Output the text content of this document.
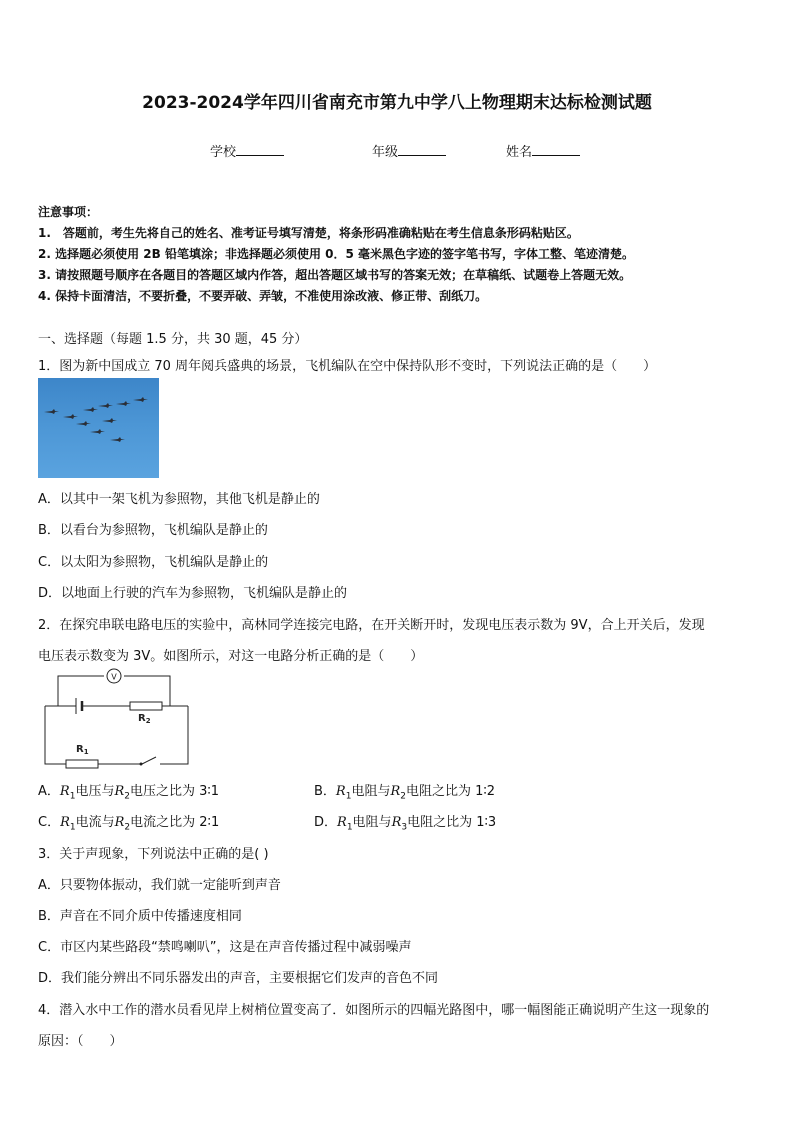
2023-2024学年四川省南充市第九中学八上物理期末达标检测试题
学校	年级	姓名
注意事项：
1.　答题前，考生先将自己的姓名、准考证号填写清楚，将条形码准确粘贴在考生信息条形码粘贴区。
2. 选择题必须使用 2B 铅笔填涂；非选择题必须使用 0．5 毫米黑色字迹的签字笔书写，字体工整、笔迹清楚。
3. 请按照题号顺序在各题目的答题区域内作答，超出答题区域书写的答案无效；在草稿纸、试题卷上答题无效。
4. 保持卡面清洁，不要折叠，不要弄破、弄皱，不准使用涂改液、修正带、刮纸刀。
一、选择题（每题 1.5 分，共 30 题，45 分）
1．图为新中国成立 70 周年阅兵盛典的场景，飞机编队在空中保持队形不变时，下列说法正确的是（　　）
A．以其中一架飞机为参照物，其他飞机是静止的
B．以看台为参照物，飞机编队是静止的
C．以太阳为参照物，飞机编队是静止的
D．以地面上行驶的汽车为参照物，飞机编队是静止的
2．在探究串联电路电压的实验中，高林同学连接完电路，在开关断开时，发现电压表示数为 9V，合上开关后，发现
电压表示数变为 3V。如图所示，对这一电路分析正确的是（　　）
V
$R_2$
$R_1$
A．$R_1$电压与$R_2$电压之比为 3∶1	B．$R_1$电阻与$R_2$电阻之比为 1∶2
C．$R_1$电流与$R_2$电流之比为 2∶1	D．$R_1$电阻与$R_3$电阻之比为 1∶3
3．关于声现象，下列说法中正确的是( )
A．只要物体振动，我们就一定能听到声音
B．声音在不同介质中传播速度相同
C．市区内某些路段“禁鸣喇叭”，这是在声音传播过程中减弱噪声
D．我们能分辨出不同乐器发出的声音，主要根据它们发声的音色不同
4．潜入水中工作的潜水员看见岸上树梢位置变高了．如图所示的四幅光路图中，哪一幅图能正确说明产生这一现象的
原因：（　　）
